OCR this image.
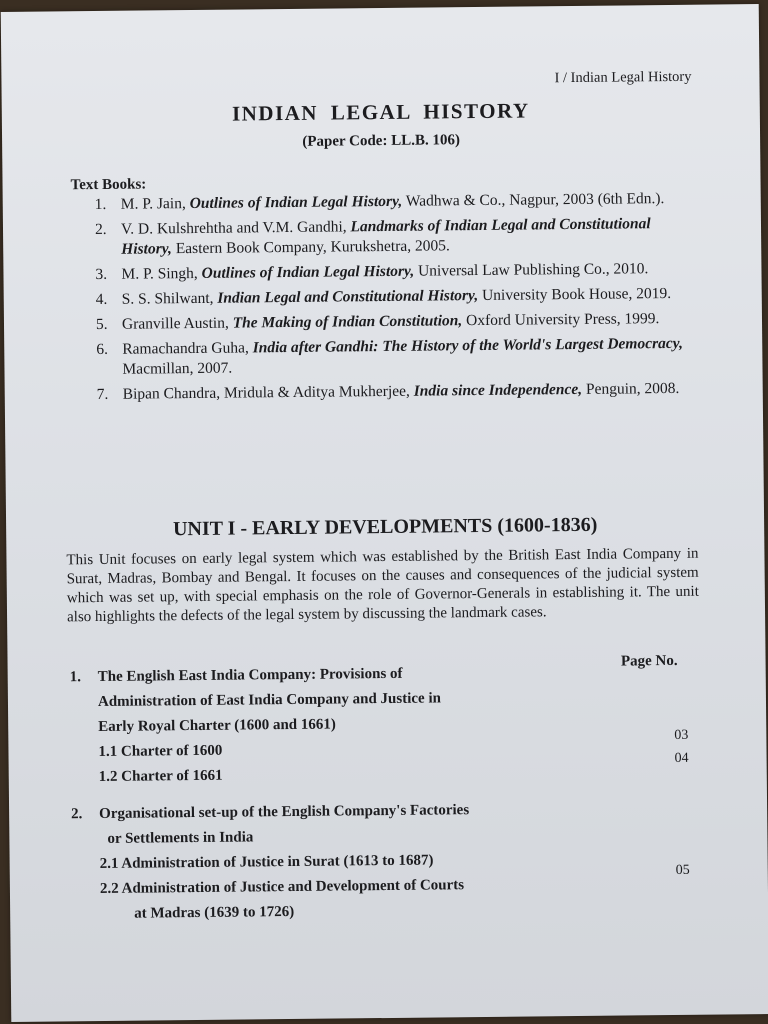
I / Indian Legal History
INDIAN LEGAL HISTORY
(Paper Code: LL.B. 106)
Text Books:
1. M. P. Jain, Outlines of Indian Legal History, Wadhwa & Co., Nagpur, 2003 (6th Edn.).
2. V. D. Kulshrehtha and V.M. Gandhi, Landmarks of Indian Legal and Constitutional History, Eastern Book Company, Kurukshetra, 2005.
3. M. P. Singh, Outlines of Indian Legal History, Universal Law Publishing Co., 2010.
4. S. S. Shilwant, Indian Legal and Constitutional History, University Book House, 2019.
5. Granville Austin, The Making of Indian Constitution, Oxford University Press, 1999.
6. Ramachandra Guha, India after Gandhi: The History of the World's Largest Democracy, Macmillan, 2007.
7. Bipan Chandra, Mridula & Aditya Mukherjee, India since Independence, Penguin, 2008.
UNIT I - EARLY DEVELOPMENTS (1600-1836)
This Unit focuses on early legal system which was established by the British East India Company in Surat, Madras, Bombay and Bengal. It focuses on the causes and consequences of the judicial system which was set up, with special emphasis on the role of Governor-Generals in establishing it. The unit also highlights the defects of the legal system by discussing the landmark cases.
Page No.
1. The English East India Company: Provisions of
Administration of East India Company and Justice in
Early Royal Charter (1600 and 1661)
03
1.1 Charter of 1600	04
1.2 Charter of 1661
2. Organisational set-up of the English Company's Factories
or Settlements in India
2.1 Administration of Justice in Surat (1613 to 1687)	05
2.2 Administration of Justice and Development of Courts
at Madras (1639 to 1726)
